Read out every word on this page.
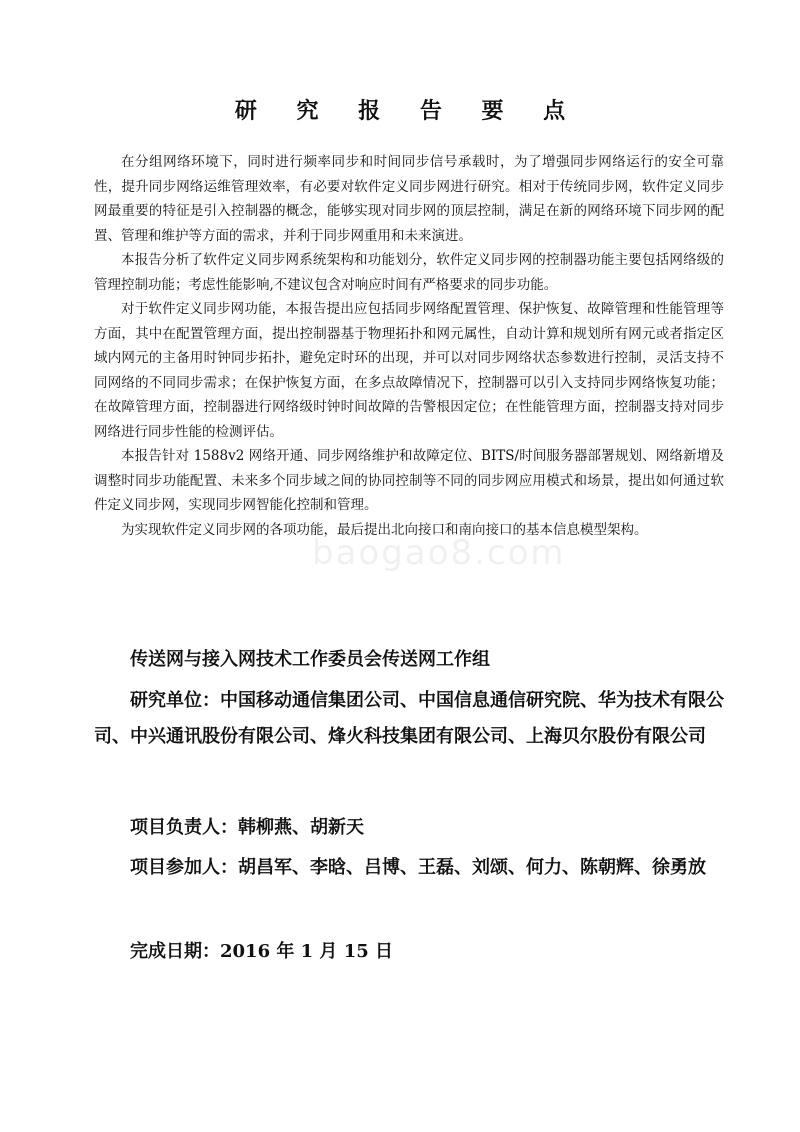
研 究 报 告 要 点

在分组网络环境下，同时进行频率同步和时间同步信号承载时，为了增强同步网络运行的安全可靠性，提升同步网络运维管理效率，有必要对软件定义同步网进行研究。相对于传统同步网，软件定义同步网最重要的特征是引入控制器的概念，能够实现对同步网的顶层控制，满足在新的网络环境下同步网的配置、管理和维护等方面的需求，并利于同步网重用和未来演进。

本报告分析了软件定义同步网系统架构和功能划分，软件定义同步网的控制器功能主要包括网络级的管理控制功能；考虑性能影响,不建议包含对响应时间有严格要求的同步功能。

对于软件定义同步网功能，本报告提出应包括同步网络配置管理、保护恢复、故障管理和性能管理等方面，其中在配置管理方面，提出控制器基于物理拓扑和网元属性，自动计算和规划所有网元或者指定区域内网元的主备用时钟同步拓扑，避免定时环的出现，并可以对同步网络状态参数进行控制，灵活支持不同网络的不同同步需求；在保护恢复方面，在多点故障情况下，控制器可以引入支持同步网络恢复功能；在故障管理方面，控制器进行网络级时钟时间故障的告警根因定位；在性能管理方面，控制器支持对同步网络进行同步性能的检测评估。

本报告针对 1588v2 网络开通、同步网络维护和故障定位、BITS/时间服务器部署规划、网络新增及调整时同步功能配置、未来多个同步域之间的协同控制等不同的同步网应用模式和场景，提出如何通过软件定义同步网，实现同步网智能化控制和管理。

为实现软件定义同步网的各项功能，最后提出北向接口和南向接口的基本信息模型架构。

传送网与接入网技术工作委员会传送网工作组
研究单位：中国移动通信集团公司、中国信息通信研究院、华为技术有限公司、中兴通讯股份有限公司、烽火科技集团有限公司、上海贝尔股份有限公司
项目负责人：韩柳燕、胡新天
项目参加人：胡昌军、李晗、吕博、王磊、刘颂、何力、陈朝辉、徐勇放
完成日期：2016 年 1 月 15 日
baogao8.com
